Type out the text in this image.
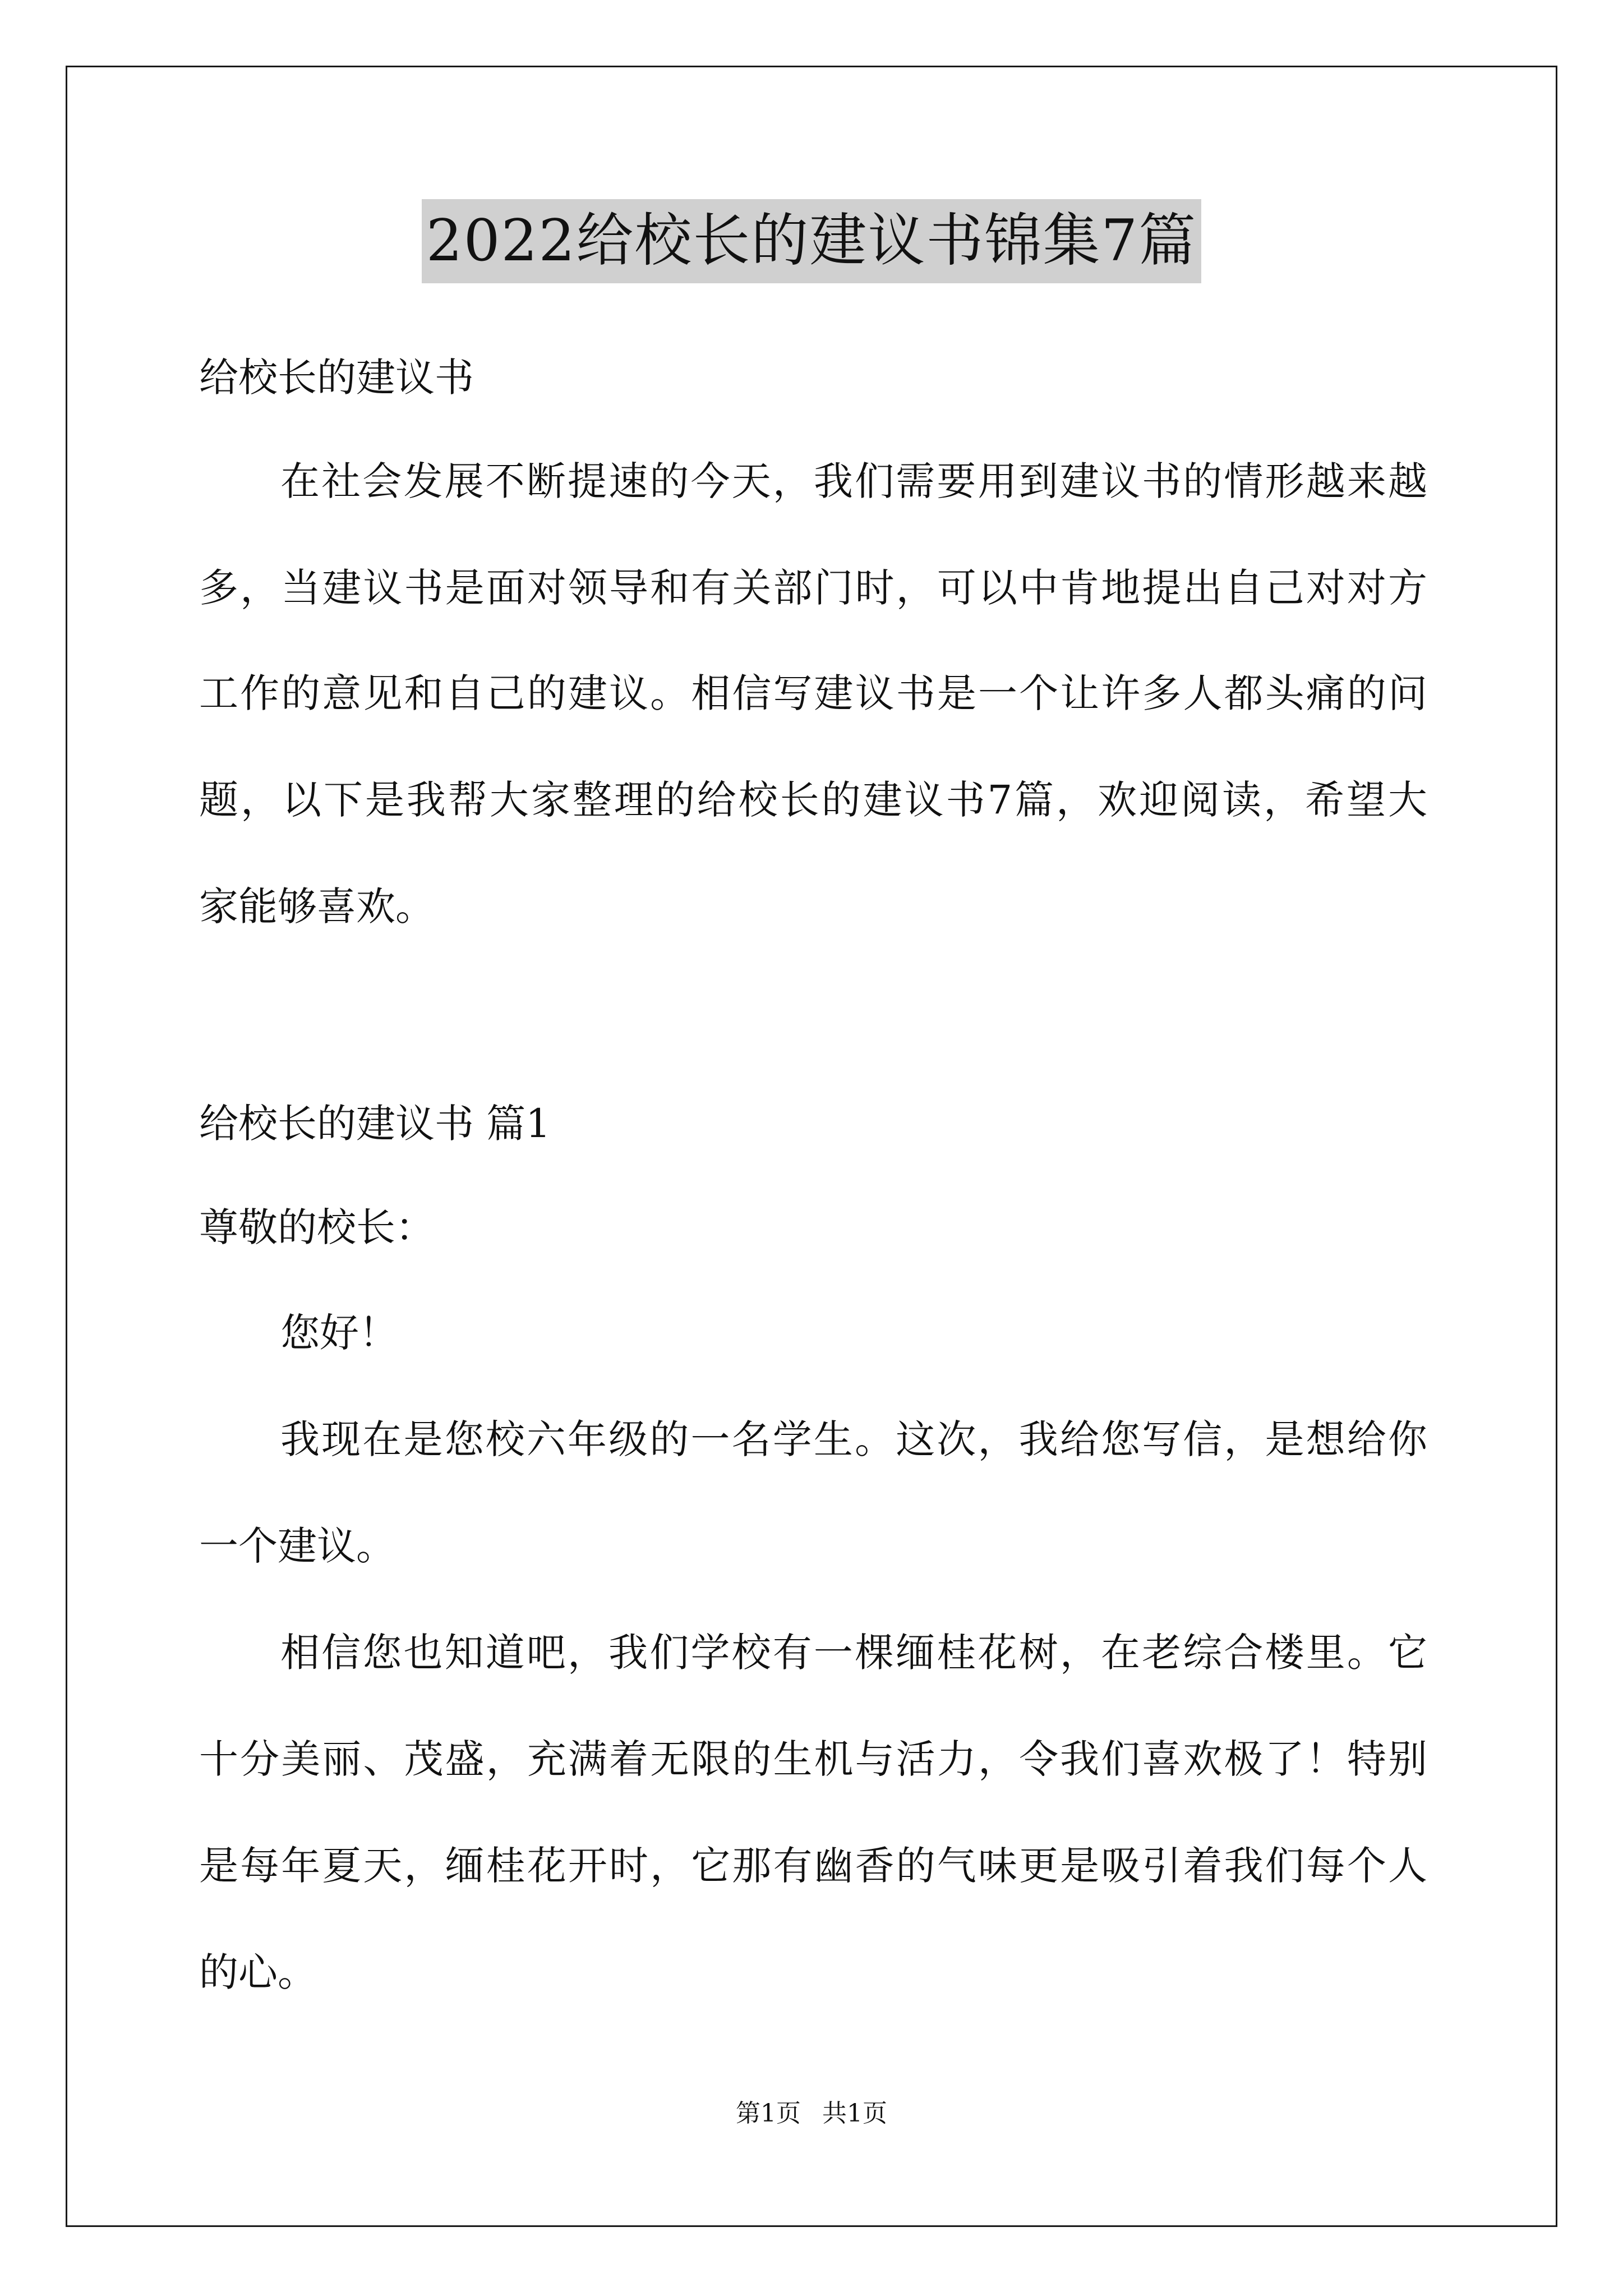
2022给校长的建议书锦集7篇
给校长的建议书
在社会发展不断提速的今天，我们需要用到建议书的情形越来越
多，当建议书是面对领导和有关部门时，可以中肯地提出自己对对方
工作的意见和自己的建议。相信写建议书是一个让许多人都头痛的问
题，以下是我帮大家整理的给校长的建议书7篇，欢迎阅读，希望大
家能够喜欢。
给校长的建议书 篇1
尊敬的校长：
您好！
我现在是您校六年级的一名学生。这次，我给您写信，是想给你
一个建议。
相信您也知道吧，我们学校有一棵缅桂花树，在老综合楼里。它
十分美丽、茂盛，充满着无限的生机与活力，令我们喜欢极了！特别
是每年夏天，缅桂花开时，它那有幽香的气味更是吸引着我们每个人
的心。
第1页 共1页
